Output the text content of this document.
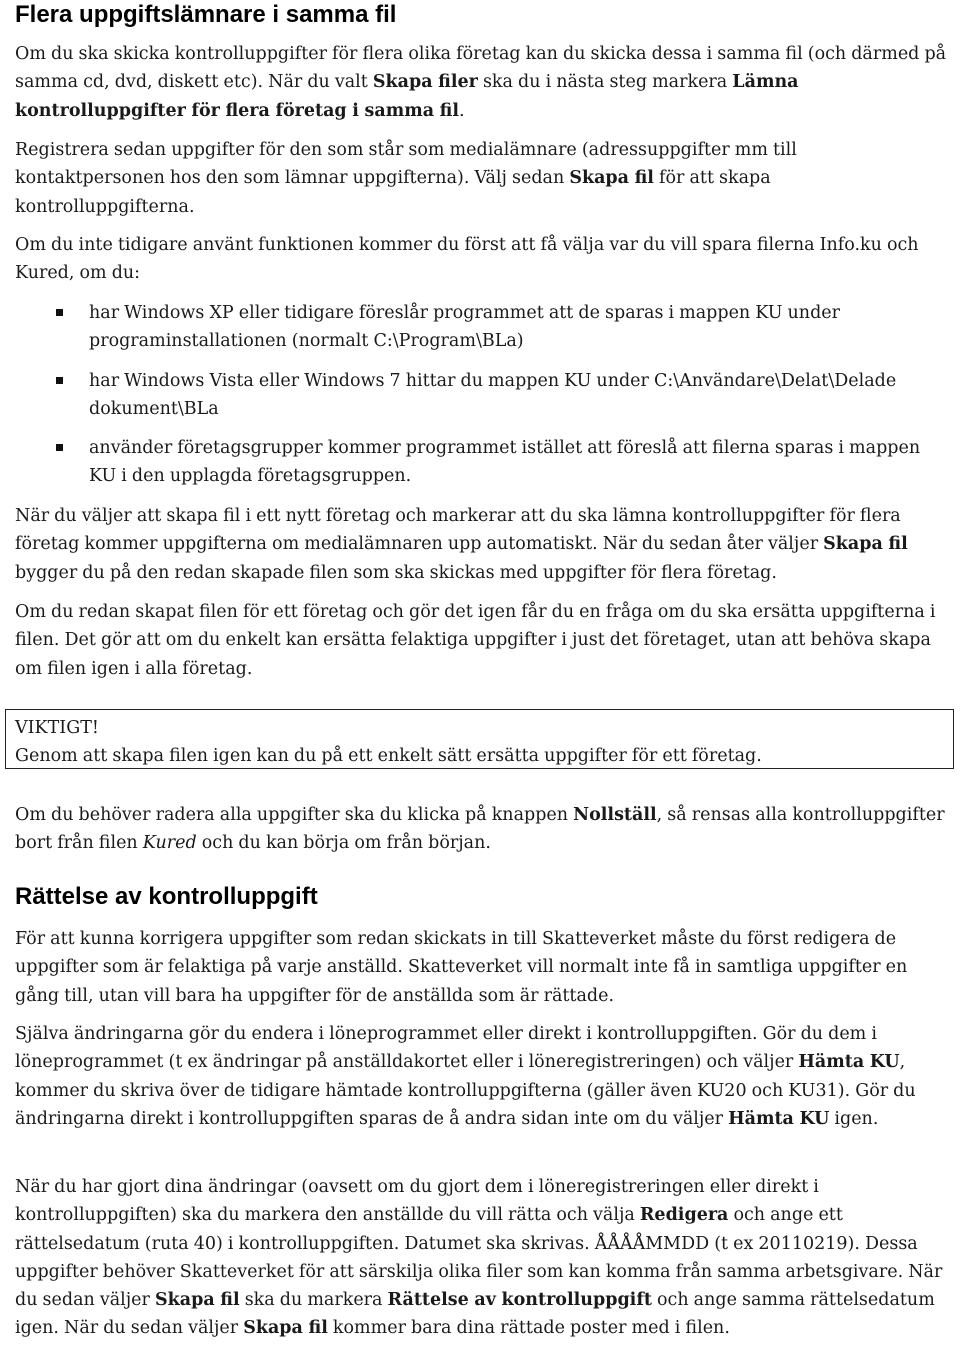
Flera uppgiftslämnare i samma fil

Om du ska skicka kontrolluppgifter för flera olika företag kan du skicka dessa i samma fil (och därmed på samma cd, dvd, diskett etc). När du valt Skapa filer ska du i nästa steg markera Lämna kontrolluppgifter för flera företag i samma fil.

Registrera sedan uppgifter för den som står som medialämnare (adressuppgifter mm till kontaktpersonen hos den som lämnar uppgifterna). Välj sedan Skapa fil för att skapa kontrolluppgifterna.

Om du inte tidigare använt funktionen kommer du först att få välja var du vill spara filerna Info.ku och Kured, om du:

har Windows XP eller tidigare föreslår programmet att de sparas i mappen KU under programinstallationen (normalt C:\Program\BLa)

har Windows Vista eller Windows 7 hittar du mappen KU under C:\Användare\Delat\Delade dokument\BLa

använder företagsgrupper kommer programmet istället att föreslå att filerna sparas i mappen KU i den upplagda företagsgruppen.

När du väljer att skapa fil i ett nytt företag och markerar att du ska lämna kontrolluppgifter för flera företag kommer uppgifterna om medialämnaren upp automatiskt. När du sedan åter väljer Skapa fil bygger du på den redan skapade filen som ska skickas med uppgifter för flera företag.

Om du redan skapat filen för ett företag och gör det igen får du en fråga om du ska ersätta uppgifterna i filen. Det gör att om du enkelt kan ersätta felaktiga uppgifter i just det företaget, utan att behöva skapa om filen igen i alla företag.

VIKTIGT!
Genom att skapa filen igen kan du på ett enkelt sätt ersätta uppgifter för ett företag.

Om du behöver radera alla uppgifter ska du klicka på knappen Nollställ, så rensas alla kontrolluppgifter bort från filen Kured och du kan börja om från början.

Rättelse av kontrolluppgift

För att kunna korrigera uppgifter som redan skickats in till Skatteverket måste du först redigera de uppgifter som är felaktiga på varje anställd. Skatteverket vill normalt inte få in samtliga uppgifter en gång till, utan vill bara ha uppgifter för de anställda som är rättade.

Själva ändringarna gör du endera i löneprogrammet eller direkt i kontrolluppgiften. Gör du dem i löneprogrammet (t ex ändringar på anställdakortet eller i löneregistreringen) och väljer Hämta KU, kommer du skriva över de tidigare hämtade kontrolluppgifterna (gäller även KU20 och KU31). Gör du ändringarna direkt i kontrolluppgiften sparas de å andra sidan inte om du väljer Hämta KU igen.

När du har gjort dina ändringar (oavsett om du gjort dem i löneregistreringen eller direkt i kontrolluppgiften) ska du markera den anställde du vill rätta och välja Redigera och ange ett rättelsedatum (ruta 40) i kontrolluppgiften. Datumet ska skrivas. ÅÅÅÅMMDD (t ex 20110219). Dessa uppgifter behöver Skatteverket för att särskilja olika filer som kan komma från samma arbetsgivare. När du sedan väljer Skapa fil ska du markera Rättelse av kontrolluppgift och ange samma rättelsedatum igen. När du sedan väljer Skapa fil kommer bara dina rättade poster med i filen.
